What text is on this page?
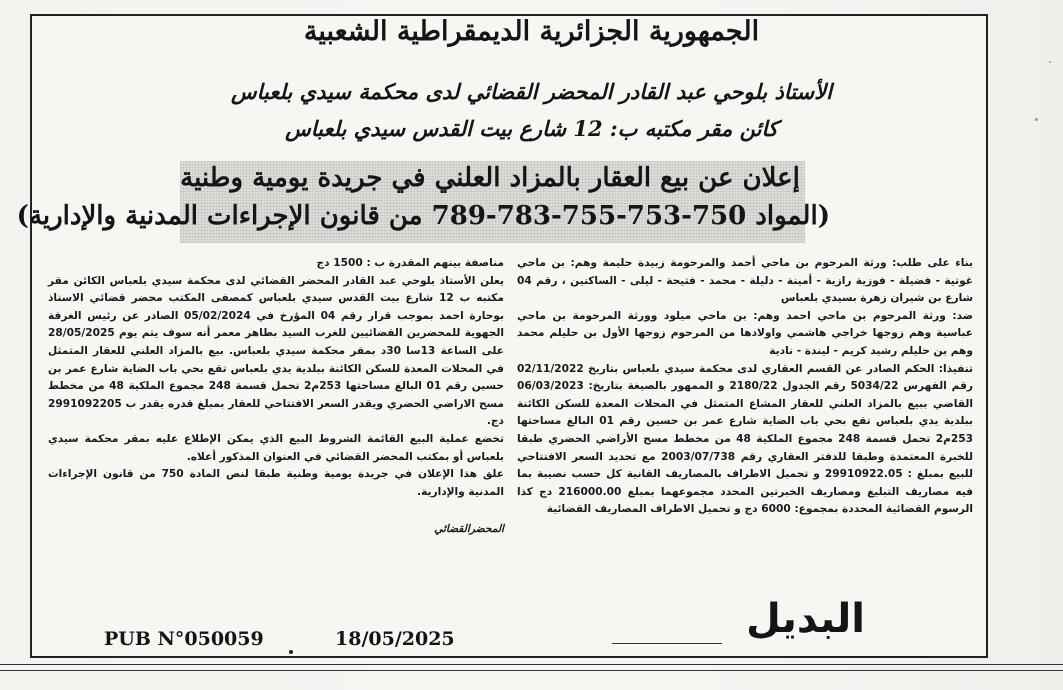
الجمهورية الجزائرية الديمقراطية الشعبية
الأستاذ بلوحي عبد القادر المحضر القضائي لدى محكمة سيدي بلعباس
كائن مقر مكتبه ب: 12 شارع بيت القدس سيدي بلعباس
إعلان عن بيع العقار بالمزاد العلني في جريدة يومية وطنية
(المواد 750-753-755-783-789 من قانون الإجراءات المدنية والإدارية)

بناء على طلب: ورثة المرحوم بن ماحي أحمد والمرحومة زبيدة حليمة وهم: بن ماحي غوتية - فضيلة - فوزية رازية - أمينة - دليلة - محمد - فتيحة - ليلى - الساكنين ، رقم 04 شارع بن شيران زهرة بسيدي بلعباس

ضد: ورثة المرحوم بن ماحي احمد وهم: بن ماحي ميلود وورثة المرحومة بن ماحي عباسية وهم زوجها خراجي هاشمي واولادها من المرحوم زوجها الأول بن حليلم محمد وهم بن حليلم رشيد كريم - ليندة - نادية

تنفيذا: الحكم الصادر عن القسم العقاري لدى محكمة سيدي بلعباس بتاريخ 02/11/2022 رقم الفهرس 5034/22 رقم الجدول 2180/22 و الممهور بالصيغة بتاريخ: 06/03/2023 القاضي ببيع بالمزاد العلني للعقار المشاع المتمثل في المحلات المعدة للسكن الكائنة ببلدية يدي بلعباس تقع بحي باب الضاية شارع عمر بن حسين رقم 01 البالغ مساحتها 253م2 تحمل قسمة 248 مجموع الملكية 48 من مخطط مسح الأراضي الحضري طبقا للخبرة المعتمدة وطبقا للدفتر العقاري رقم 2003/07/738 مع تحديد السعر الافتتاحي للبيع بمبلغ : 29910922.05 و تحميل الاطراف بالمصاريف القانية كل حسب نصيبة بما فيه مصاريف التبليغ ومصاريف الخبرتين المحدد مجموعهما بمبلغ 216000.00 دج كذا الرسوم القضائية المحددة بمجموع: 6000 دج و تحميل الاطراف المصاريف القضائية

مناصفة بينهم المقدرة ب : 1500 دج

يعلن الأستاذ بلوحي عبد القادر المحضر القضائي لدى محكمة سيدي بلعباس الكائن مقر مكتبه ب 12 شارع بيت القدس سيدي بلعباس كمصفى المكتب محضر قضائي الاستاذ بوحارة احمد بموجب قرار رقم 04 المؤرخ في 05/02/2024 الصادر عن رئيس الغرفة الجهوية للمحضرين القضائيين للغرب السيد بطاهر معمر أنه سوف يتم يوم 28/05/2025 على الساعة 13سا 30د بمقر محكمة سيدي بلعباس. بيع بالمزاد العلني للعقار المتمثل في المحلات المعدة للسكن الكائنة ببلدية يدي بلعباس تقع بحي باب الضاية شارع عمر بن حسين رقم 01 البالغ مساحتها 253م2 تحمل قسمة 248 مجموع الملكية 48 من مخطط مسح الاراضي الحضري ويقدر السعر الافتتاحي للعقار بمبلغ قدره يقدر ب 2991092205 دج.

تخضع عملية البيع القائمة الشروط البيع الذي يمكن الإطلاع عليه بمقر محكمة سيدي بلعباس أو بمكتب المحضر القضائي في العنوان المذكور أعلاه.

علق هذا الإعلان في جريدة يومية وطنية طبقا لنص المادة 750 من قانون الإجراءات المدنية والإدارية.

المحضرالقضائي

البديل
PUB N°050059	18/05/2025
